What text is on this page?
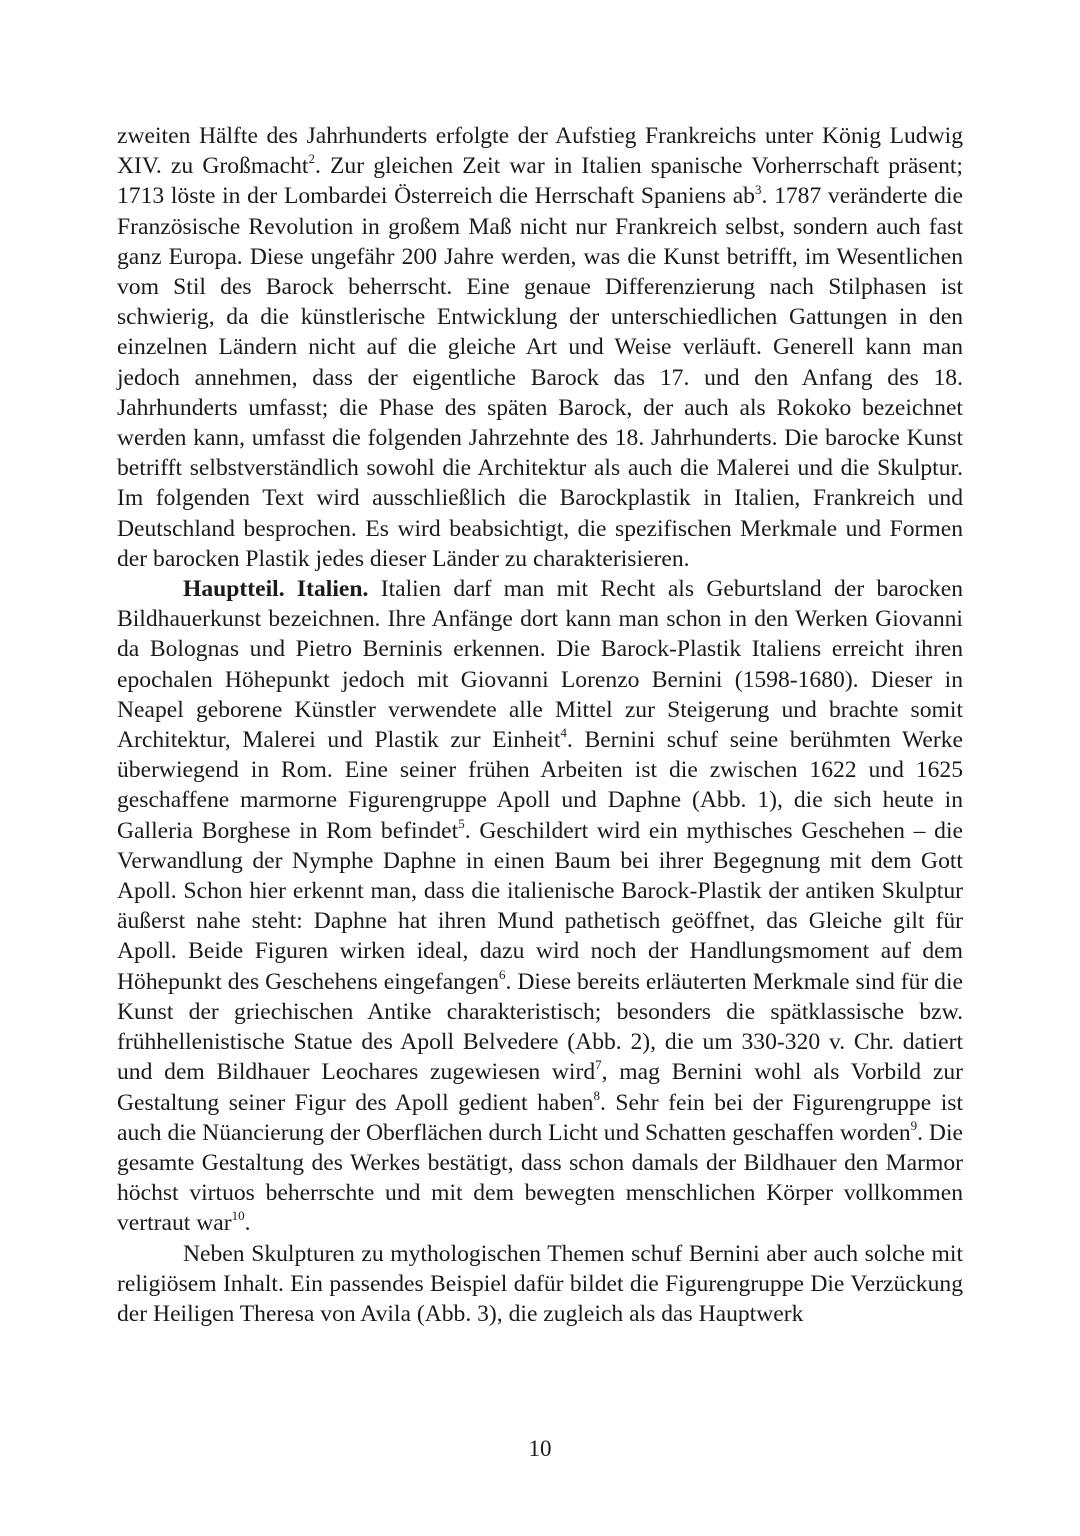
zweiten Hälfte des Jahrhunderts erfolgte der Aufstieg Frankreichs unter König Ludwig XIV. zu Großmacht$^2$. Zur gleichen Zeit war in Italien spanische Vorherrschaft präsent; 1713 löste in der Lombardei Österreich die Herrschaft Spaniens $ab^3$. 1787 veränderte die Französische Revolution in großem Maß nicht nur Frankreich selbst, sondern auch fast ganz Europa. Diese ungefähr 200 Jahre werden, was die Kunst betrifft, im Wesentlichen vom Stil des Barock beherrscht. Eine genaue Differenzierung nach Stilphasen ist schwierig, da die künstlerische Entwicklung der unterschiedlichen Gattungen in den einzelnen Ländern nicht auf die gleiche Art und Weise verläuft. Generell kann man jedoch annehmen, dass der eigentliche Barock das 17. und den Anfang des 18. Jahrhunderts umfasst; die Phase des späten Barock, der auch als Rokoko bezeichnet werden kann, umfasst die folgenden Jahrzehnte des 18. Jahrhunderts. Die barocke Kunst betrifft selbstverständlich sowohl die Architektur als auch die Malerei und die Skulptur. Im folgenden Text wird ausschließlich die Barockplastik in Italien, Frankreich und Deutschland besprochen. Es wird beabsichtigt, die spezifischen Merkmale und Formen der barocken Plastik jedes dieser Länder zu charakterisieren.

Hauptteil. Italien. Italien darf man mit Recht als Geburtsland der barocken Bildhauerkunst bezeichnen. Ihre Anfänge dort kann man schon in den Werken Giovanni da Bolognas und Pietro Berninis erkennen. Die Barock-Plastik Italiens erreicht ihren epochalen Höhepunkt jedoch mit Giovanni Lorenzo Bernini (1598-1680). Dieser in Neapel geborene Künstler verwendete alle Mittel zur Steigerung und brachte somit Architektur, Malerei und Plastik zur Einheit$^4$. Bernini schuf seine berühmten Werke überwiegend in Rom. Eine seiner frühen Arbeiten ist die zwischen 1622 und 1625 geschaffene marmorne Figurengruppe Apoll und Daphne (Abb. 1), die sich heute in Galleria Borghese in Rom befindet$^5$. Geschildert wird ein mythisches Geschehen – die Verwandlung der Nymphe Daphne in einen Baum bei ihrer Begegnung mit dem Gott Apoll. Schon hier erkennt man, dass die italienische Barock-Plastik der antiken Skulptur äußerst nahe steht: Daphne hat ihren Mund pathetisch geöffnet, das Gleiche gilt für Apoll. Beide Figuren wirken ideal, dazu wird noch der Handlungsmoment auf dem Höhepunkt des Geschehens eingefangen$^6$. Diese bereits erläuterten Merkmale sind für die Kunst der griechischen Antike charakteristisch; besonders die spätklassische bzw. frühhellenistische Statue des Apoll Belvedere (Abb. 2), die um 330-320 v. Chr. datiert und dem Bildhauer Leochares zugewiesen wird$^7$, mag Bernini wohl als Vorbild zur Gestaltung seiner Figur des Apoll gedient haben$^8$. Sehr fein bei der Figurengruppe ist auch die Nüancierung der Oberflächen durch Licht und Schatten geschaffen worden$^9$. Die gesamte Gestaltung des Werkes bestätigt, dass schon damals der Bildhauer den Marmor höchst virtuos beherrschte und mit dem bewegten menschlichen Körper vollkommen vertraut war$^{10}$.

Neben Skulpturen zu mythologischen Themen schuf Bernini aber auch solche mit religiösem Inhalt. Ein passendes Beispiel dafür bildet die Figurengruppe Die Verzückung der Heiligen Theresa von Avila (Abb. 3), die zugleich als das Hauptwerk

10
